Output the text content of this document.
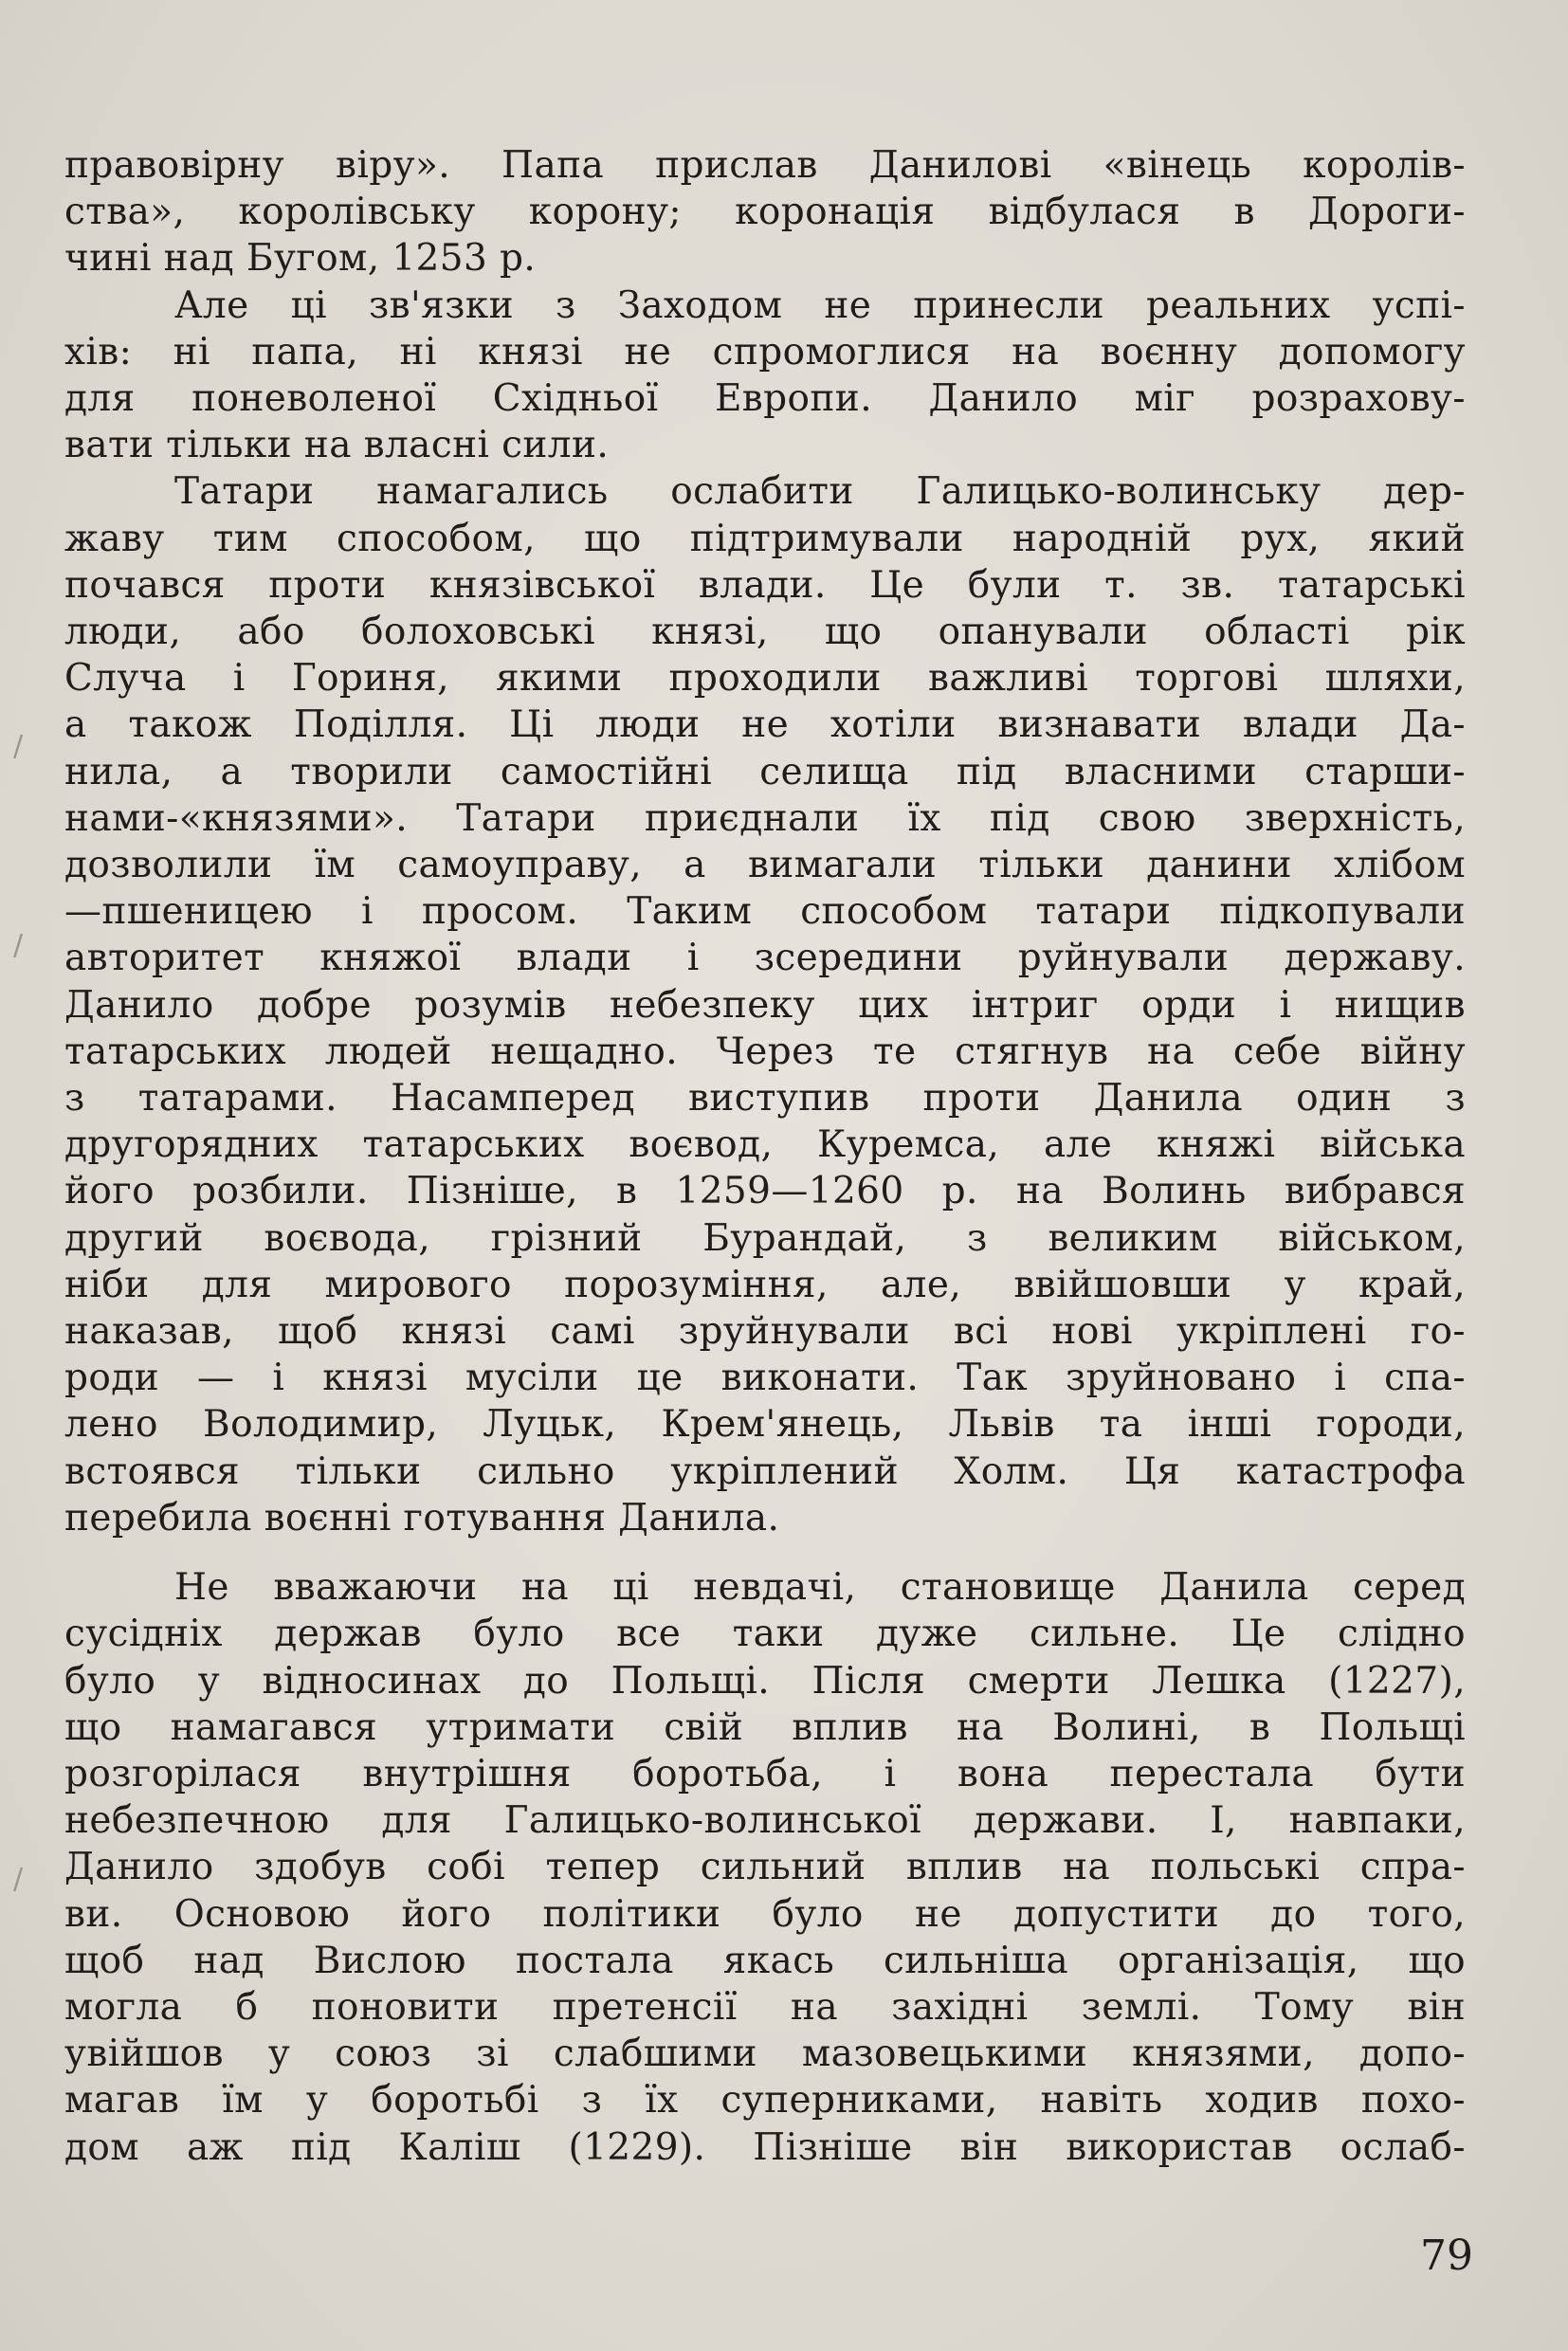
/
/
/

правовірну віру». Папа прислав Данилові «вінець королів-
ства», королівську корону; коронація відбулася в Дороги-
чині над Бугом, 1253 р.

Але ці зв'язки з Заходом не принесли реальних успі-
хів: ні папа, ні князі не спромоглися на воєнну допомогу
для поневоленої Східньої Европи. Данило міг розрахову-
вати тільки на власні сили.

Татари намагались ослабити Галицько-волинську дер-
жаву тим способом, що підтримували народній рух, який
почався проти князівської влади. Це були т. зв. татарські
люди, або болоховські князі, що опанували області рік
Случа і Гориня, якими проходили важливі торгові шляхи,
а також Поділля. Ці люди не хотіли визнавати влади Да-
нила, а творили самостійні селища під власними старши-
нами-«князями». Татари приєднали їх під свою зверхність,
дозволили їм самоуправу, а вимагали тільки данини хлібом
—пшеницею і просом. Таким способом татари підкопували
авторитет княжої влади і зсередини руйнували державу.
Данило добре розумів небезпеку цих інтриг орди і нищив
татарських людей нещадно. Через те стягнув на себе війну
з татарами. Насамперед виступив проти Данила один з
другорядних татарських воєвод, Куремса, але княжі війська
його розбили. Пізніше, в 1259—1260 р. на Волинь вибрався
другий воєвода, грізний Бурандай, з великим військом,
ніби для мирового порозуміння, але, ввійшовши у край,
наказав, щоб князі самі зруйнували всі нові укріплені го-
роди — і князі мусіли це виконати. Так зруйновано і спа-
лено Володимир, Луцьк, Крем'янець, Львів та інші городи,
встоявся тільки сильно укріплений Холм. Ця катастрофа
перебила воєнні готування Данила.

Не вважаючи на ці невдачі, становище Данила серед
сусідніх держав було все таки дуже сильне. Це слідно
було у відносинах до Польщі. Після смерти Лешка (1227),
що намагався утримати свій вплив на Волині, в Польщі
розгорілася внутрішня боротьба, і вона перестала бути
небезпечною для Галицько-волинської держави. І, навпаки,
Данило здобув собі тепер сильний вплив на польські спра-
ви. Основою його політики було не допустити до того,
щоб над Вислою постала якась сильніша організація, що
могла б поновити претенсії на західні землі. Тому він
увійшов у союз зі слабшими мазовецькими князями, допо-
магав їм у боротьбі з їх суперниками, навіть ходив похо-
дом аж під Каліш (1229). Пізніше він використав ослаб-

79
